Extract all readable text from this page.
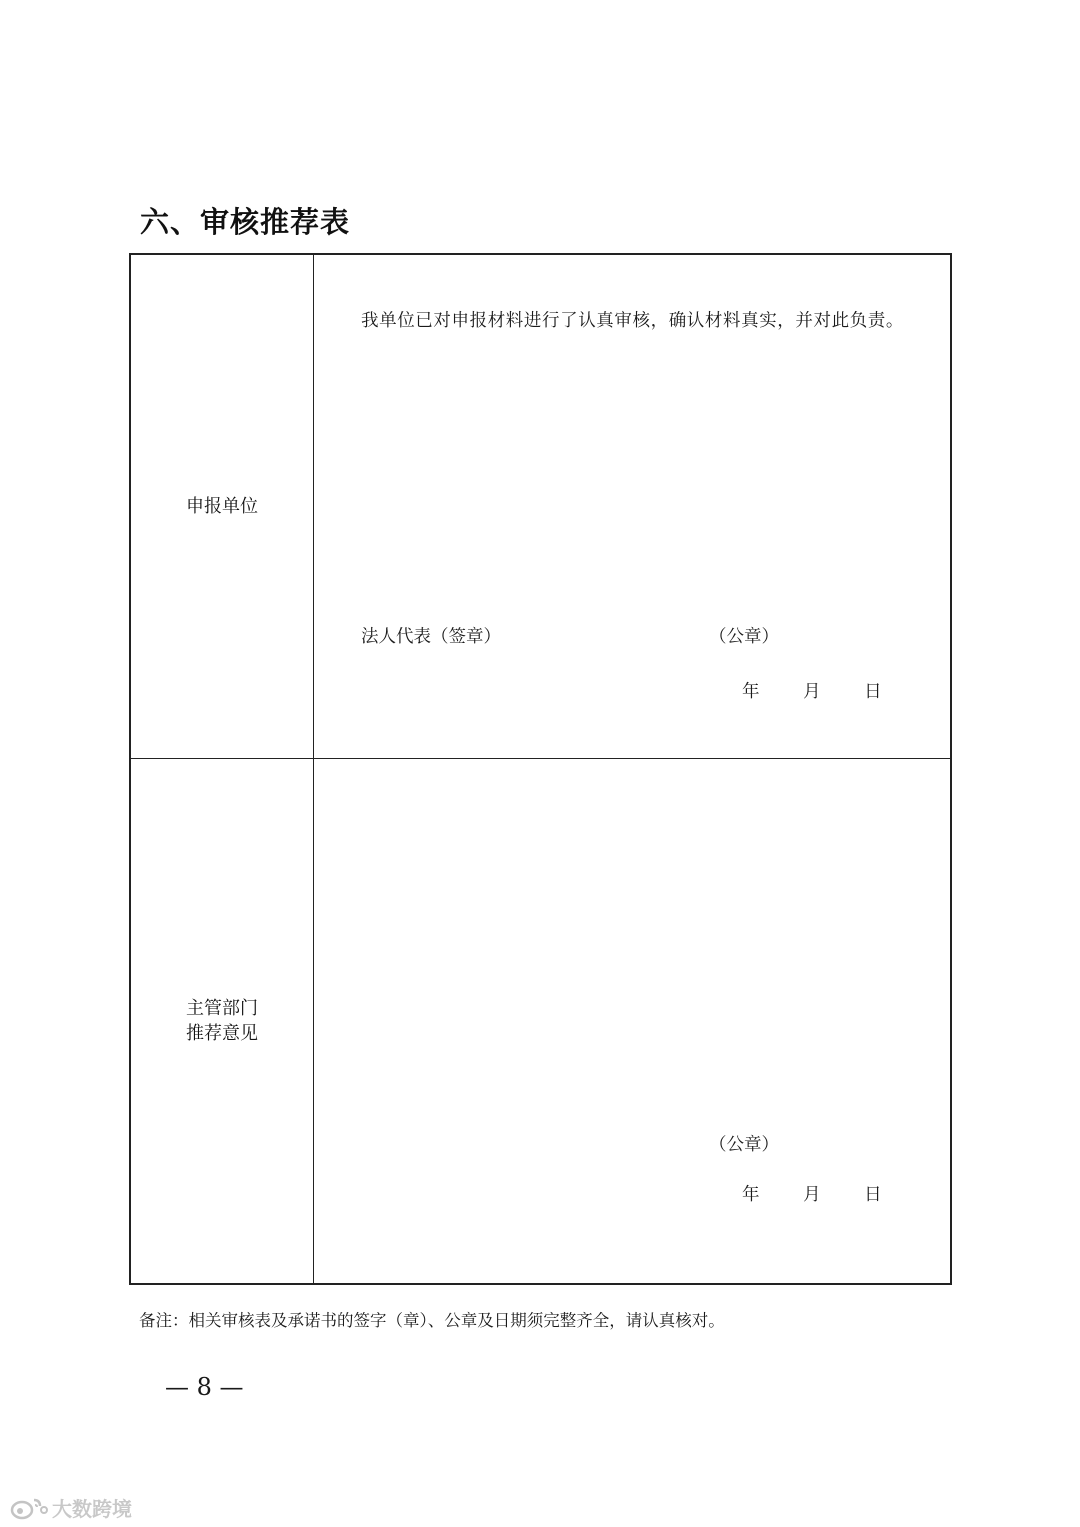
六、审核推荐表
申报单位
我单位已对申报材料进行了认真审核，确认材料真实，并对此负责。
法人代表（签章）	（公章）
年 月 日
主管部门
推荐意见
（公章）
年 月 日
备注：相关审核表及承诺书的签字（章）、公章及日期须完整齐全，请认真核对。
— 8 —
大数跨境
